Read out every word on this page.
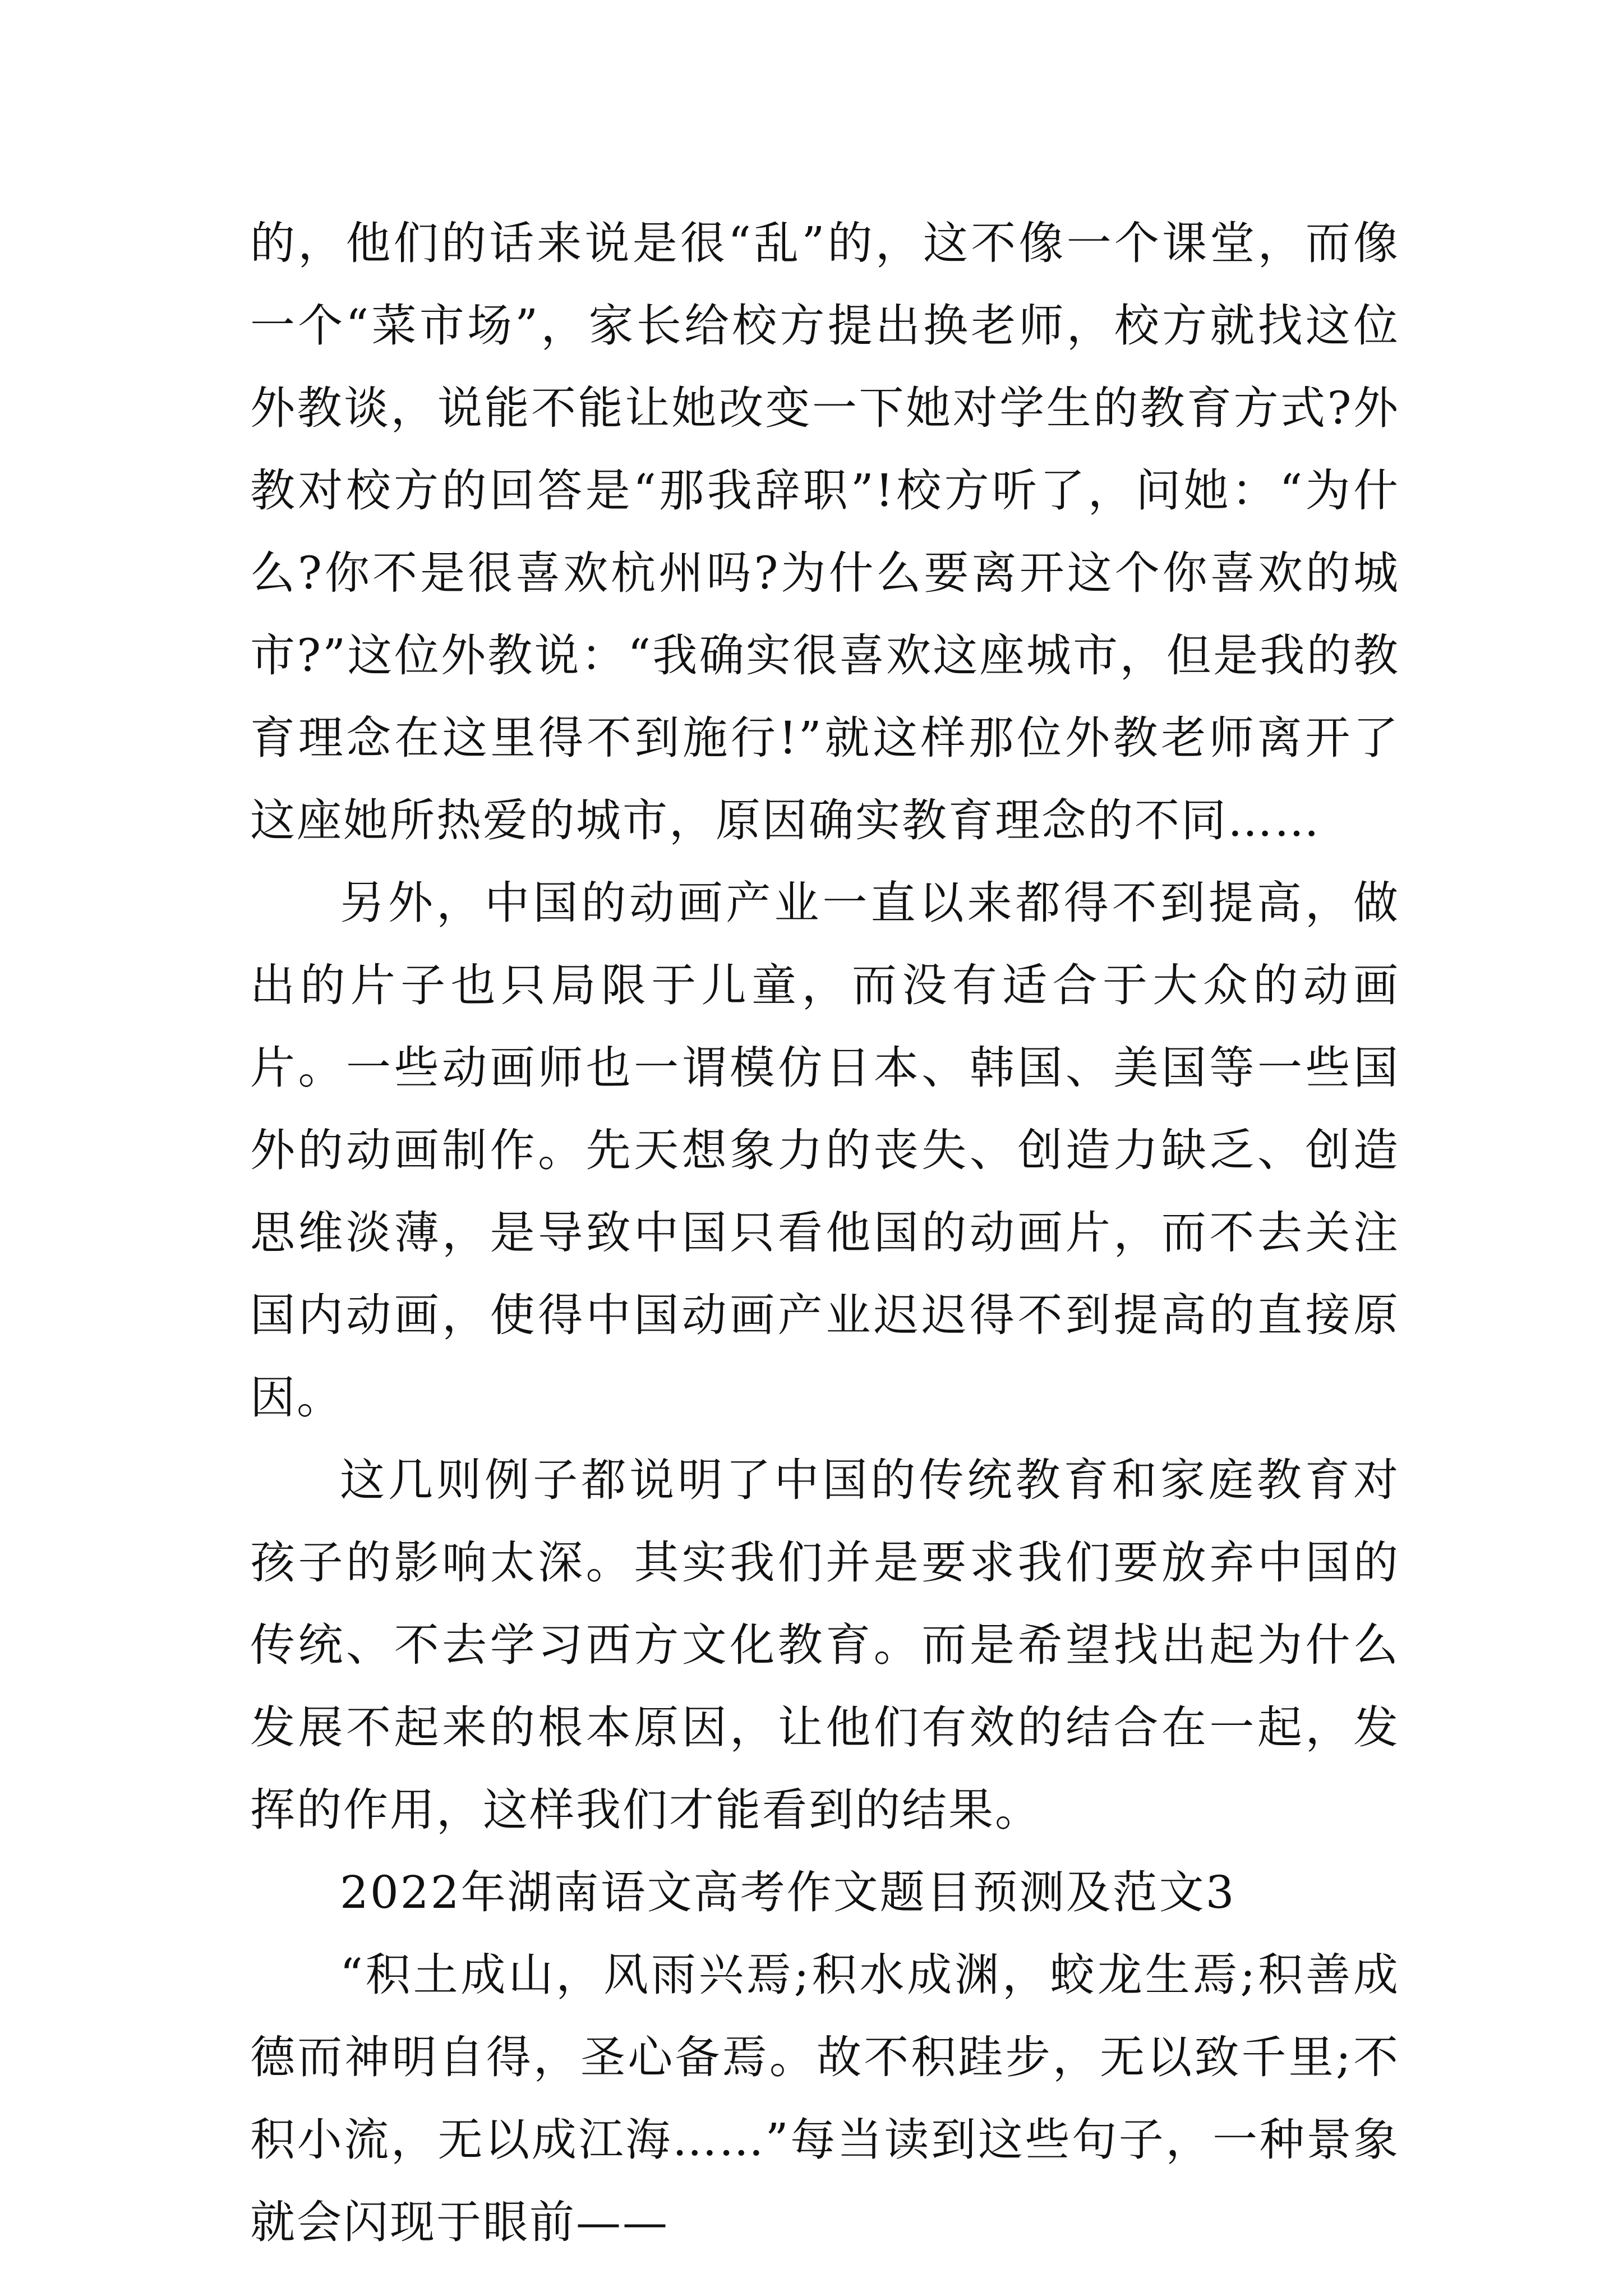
的，他们的话来说是很“乱”的，这不像一个课堂，而像一个“菜市场”，家长给校方提出换老师，校方就找这位外教谈，说能不能让她改变一下她对学生的教育方式?外教对校方的回答是“那我辞职”!校方听了，问她：“为什么?你不是很喜欢杭州吗?为什么要离开这个你喜欢的城市?”这位外教说：“我确实很喜欢这座城市，但是我的教育理念在这里得不到施行!”就这样那位外教老师离开了这座她所热爱的城市，原因确实教育理念的不同……

另外，中国的动画产业一直以来都得不到提高，做出的片子也只局限于儿童，而没有适合于大众的动画片。一些动画师也一谓模仿日本、韩国、美国等一些国外的动画制作。先天想象力的丧失、创造力缺乏、创造思维淡薄，是导致中国只看他国的动画片，而不去关注国内动画，使得中国动画产业迟迟得不到提高的直接原因。

这几则例子都说明了中国的传统教育和家庭教育对孩子的影响太深。其实我们并是要求我们要放弃中国的传统、不去学习西方文化教育。而是希望找出起为什么发展不起来的根本原因，让他们有效的结合在一起，发挥的作用，这样我们才能看到的结果。

2022年湖南语文高考作文题目预测及范文3

“积土成山，风雨兴焉;积水成渊，蛟龙生焉;积善成德而神明自得，圣心备焉。故不积跬步，无以致千里;不积小流，无以成江海……”每当读到这些句子，一种景象就会闪现于眼前——
